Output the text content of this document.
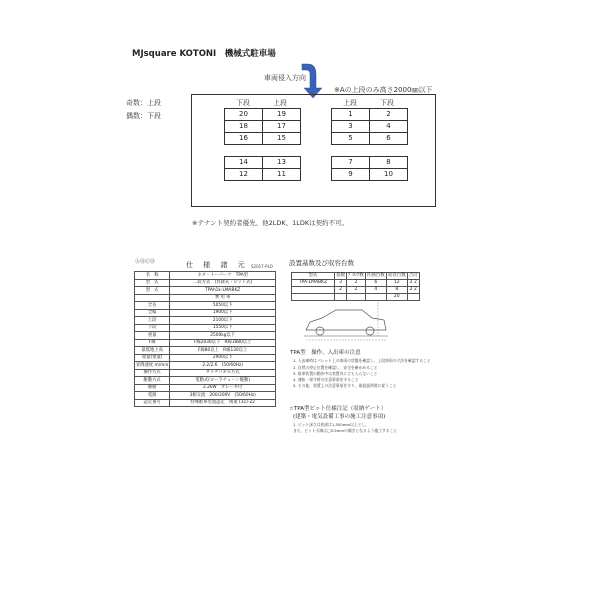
MJsquare KOTONI　機械式駐車場
車両侵入方向
※Aの上段のみ高さ2000㎜以下
奇数：上段
偶数：下段
下段	上段
20	19
18	17
16	15
14	13
12	11
上段	下段
1	2
3	4
5	6
7	8
9	10
※テナント契約者優先、他2LDK、1LDKは契約不可。
ⒶⒷⒸⒹ	仕 様 諸 元 S2017-PLO
名　称	ネオ・トーパーク　TPA型
型　式	二段方式　(昇降式・ピット式)
型　式	TPAh1k-LMABKZ
	乗 用 車
全長	5050以下
全幅	1900以下
上段	2100以下
下段	1550以下
重量	2500kg以下
F線	F線2030以下　R線1880以上
最低地上高	F線80以上　R線130以上
重量(重量)	2900以下
昇降速度 m/min	2.2/2.6　(50/60Hz)
操作方式	タッチパネル方式
駆動方式	電動式(ローラチェーン駆動)
駆動	2.2kW　ブレーキ付
電源	3相交流　200/200V　(50/60Hz)
認定番号	特殊駐車装置認定　関東 (31)-22
設置基数及び収容台数
型式	基数	ﾌﾞﾛｯｸ数	区画台数	収容台数	合計
TPA-LMABKZ	3	2	6	12	2 2
	2	2	4	8	2 2
				20	
TPA型　操作、入出庫の注意
1. 入出庫時はパレット上の車両の状態を確認し、上段車両の寸法を確認すること
2. 自然の停止位置を確認し、安全を確かめること
3. 駐車装置の動作中は装置内に立ち入らないこと
4. 運転・保守時の注意事項を守ること
5. その他、装置上の注意事項を守り、取扱説明書に従うこと
☆TPA型ピット仕様注記（収納ゲート）
(建築・電気設備工事の施工注意事項)
1. ピット深さは底部は1,500mm以上とし、
また、ピット天端は□3.5mmの傾きとなるよう施工すること
